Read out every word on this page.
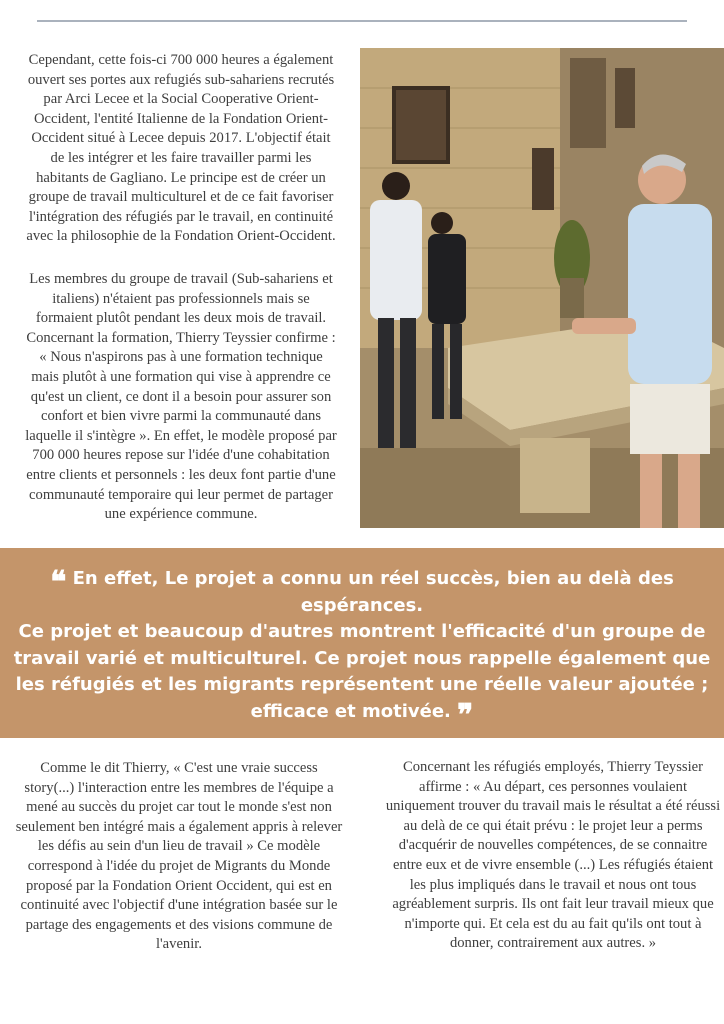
Cependant, cette fois-ci 700 000 heures a également ouvert ses portes aux refugiés sub-sahariens recrutés par Arci Lecee et la Social Cooperative Orient-Occident, l'entité Italienne de la Fondation Orient-Occident situé à Lecee depuis 2017. L'objectif était de les intégrer et les faire travailler parmi les habitants de Gagliano. Le principe est de créer un groupe de travail multiculturel et de ce fait favoriser l'intégration des réfugiés par le travail, en continuité avec la philosophie de la Fondation Orient-Occident.

Les membres du groupe de travail (Sub-sahariens et italiens) n'étaient pas professionnels mais se formaient plutôt pendant les deux mois de travail. Concernant la formation, Thierry Teyssier confirme : « Nous n'aspirons pas à une formation technique mais plutôt à une formation qui vise à apprendre ce qu'est un client, ce dont il a besoin pour assurer son confort et bien vivre parmi la communauté dans laquelle il s'intègre ». En effet, le modèle proposé par 700 000 heures repose sur l'idée d'une cohabitation entre clients et personnels : les deux font partie d'une communauté temporaire qui leur permet de partager une expérience commune.

❝ En effet, Le projet a connu un réel succès, bien au delà des espérances.
Ce projet et beaucoup d'autres montrent l'efficacité d'un groupe de travail varié et multiculturel. Ce projet nous rappelle également que les réfugiés et les migrants représentent une réelle valeur ajoutée ; efficace et motivée. ❞

Comme le dit Thierry, « C'est une vraie success story(...) l'interaction entre les membres de l'équipe a mené au succès du projet car tout le monde s'est non seulement ben intégré mais a également appris à relever les défis au sein d'un lieu de travail » Ce modèle correspond à l'idée du projet de Migrants du Monde proposé par la Fondation Orient Occident, qui est en continuité avec l'objectif d'une intégration basée sur le partage des engagements et des visions commune de l'avenir.

Concernant les réfugiés employés, Thierry Teyssier affirme : « Au départ, ces personnes voulaient uniquement trouver du travail mais le résultat a été réussi au delà de ce qui était prévu : le projet leur a perms d'acquérir de nouvelles compétences, de se connaitre entre eux et de vivre ensemble (...) Les réfugiés étaient les plus impliqués dans le travail et nous ont tous agréablement surpris. Ils ont fait leur travail mieux que n'importe qui. Et cela est du au fait qu'ils ont tout à donner, contrairement aux autres. »
